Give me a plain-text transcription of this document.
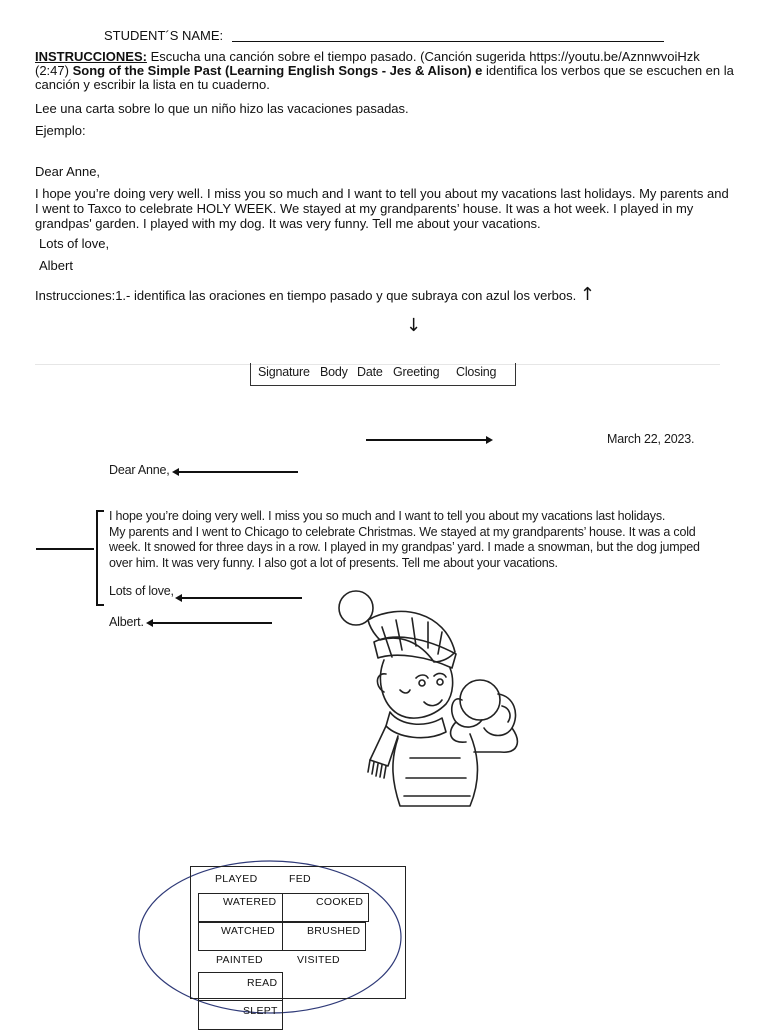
STUDENT´S NAME:
INSTRUCCIONES: Escucha una canción sobre el tiempo pasado. (Canción sugerida https://youtu.be/AznnwvoiHzk (2:47) Song of the Simple Past (Learning English Songs - Jes & Alison) e identifica los verbos que se escuchen en la canción y escribir la lista en tu cuaderno.
Lee una carta sobre lo que un niño hizo las vacaciones pasadas.
Ejemplo:
Dear Anne,
I hope you’re doing very well. I miss you so much and I want to tell you about my vacations last holidays. My parents and I went to Taxco to celebrate HOLY WEEK. We stayed at my grandparents’ house. It was a hot week. I played in my grandpas' garden. I played with my dog. It was very funny. Tell me about your vacations.
Lots of love,
Albert
Instrucciones:1.- identifica las oraciones en tiempo pasado y que subraya con azul los verbos. ↑
↓
Signature Body Date Greeting Closing
March 22, 2023.
Dear Anne,
I hope you’re doing very well. I miss you so much and I want to tell you about my vacations last holidays.
My parents and I went to Chicago to celebrate Christmas. We stayed at my grandparents’ house. It was a cold
week. It snowed for three days in a row. I played in my grandpas’ yard. I made a snowman, but the dog jumped
over him. It was very funny. I also got a lot of presents. Tell me about your vacations.
Lots of love,
Albert.
PLAYED	FED
WATERED	COOKED
WATCHED	BRUSHED
PAINTED	VISITED
READ
SLEPT
